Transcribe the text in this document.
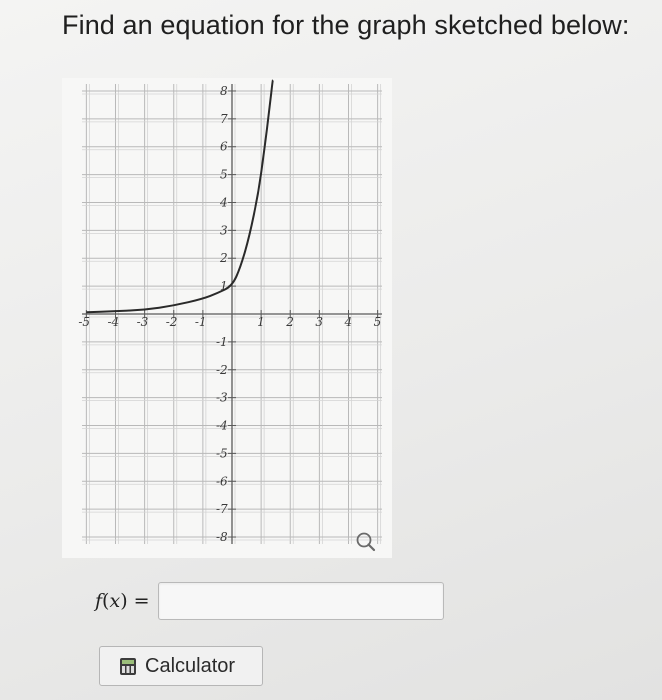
Find an equation for the graph sketched below:
-5 -4 -3 -2 -1	1 2 3 4 5
8
7
6
5
4
3
2
1
-1
-2
-3
-4
-5
-6
-7
-8
f(x) =
Calculator
